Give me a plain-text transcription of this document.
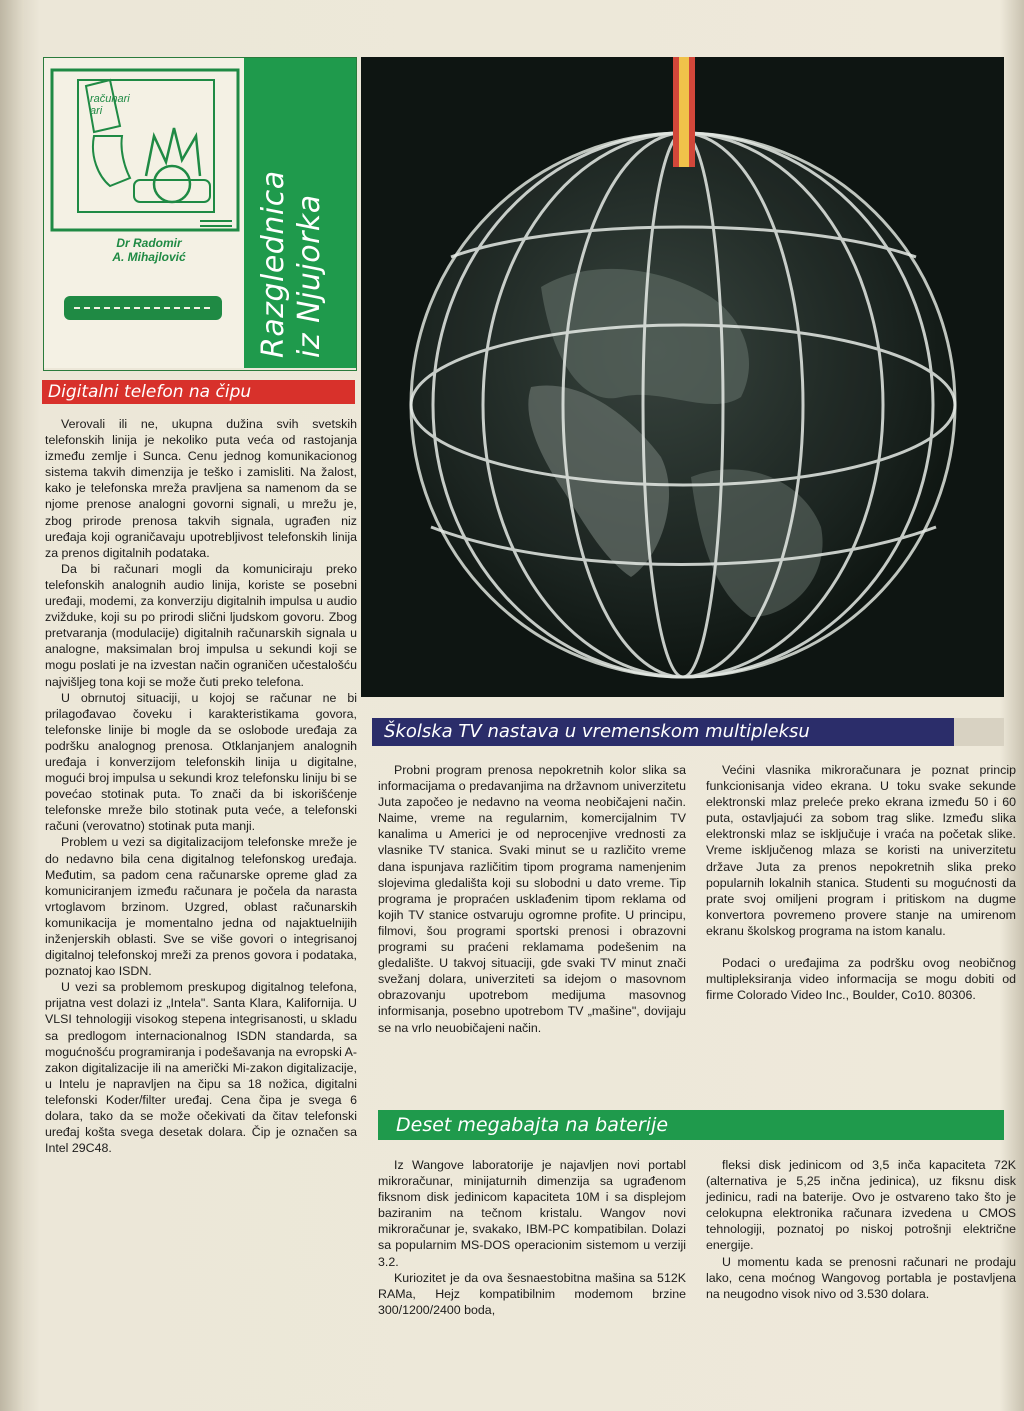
računari
ari
Dr Radomir
A. Mihajlović	Razglednica iz Njujorka
Digitalni telefon na čipu

Verovali ili ne, ukupna dužina svih svetskih telefonskih linija je nekoliko puta veća od rastojanja između zemlje i Sunca. Cenu jednog komunikacionog sistema takvih dimenzija je teško i zamisliti. Na žalost, kako je telefonska mreža pravljena sa namenom da se njome prenose analogni govorni signali, u mrežu je, zbog prirode prenosa takvih signala, ugrađen niz uređaja koji ograničavaju upotrebljivost telefonskih linija za prenos digitalnih podataka.

Da bi računari mogli da komuniciraju preko telefonskih analognih audio linija, koriste se posebni uređaji, modemi, za konverziju digitalnih impulsa u audio zvižduke, koji su po prirodi slični ljudskom govoru. Zbog pretvaranja (modulacije) digitalnih računarskih signala u analogne, maksimalan broj impulsa u sekundi koji se mogu poslati je na izvestan način ograničen učestalošću najvišljeg tona koji se može čuti preko telefona.

U obrnutoj situaciji, u kojoj se računar ne bi prilagođavao čoveku i karakteristikama govora, telefonske linije bi mogle da se oslobode uređaja za podršku analognog prenosa. Otklanjanjem analognih uređaja i konverzijom telefonskih linija u digitalne, mogući broj impulsa u sekundi kroz telefonsku liniju bi se povećao stotinak puta. To znači da bi iskorišćenje telefonske mreže bilo stotinak puta veće, a telefonski računi (verovatno) stotinak puta manji.

Problem u vezi sa digitalizacijom telefonske mreže je do nedavno bila cena digitalnog telefonskog uređaja. Međutim, sa padom cena računarske opreme glad za komuniciranjem između računara je počela da narasta vrtoglavom brzinom. Uzgred, oblast računarskih komunikacija je momentalno jedna od najaktuelnijih inženjerskih oblasti. Sve se više govori o integrisanoj digitalnoj telefonskoj mreži za prenos govora i podataka, poznatoj kao ISDN.

U vezi sa problemom preskupog digitalnog telefona, prijatna vest dolazi iz „Intela". Santa Klara, Kalifornija. U VLSI tehnologiji visokog stepena integrisanosti, u skladu sa predlogom internacionalnog ISDN standarda, sa mogućnošću programiranja i podešavanja na evropski A-zakon digitalizacije ili na američki Mi-zakon digitalizacije, u Intelu je napravljen na čipu sa 18 nožica, digitalni telefonski Koder/filter uređaj. Cena čipa je svega 6 dolara, tako da se može očekivati da čitav telefonski uređaj košta svega desetak dolara. Čip je označen sa Intel 29C48.

Školska TV nastava u vremenskom multipleksu

Probni program prenosa nepokretnih kolor slika sa informacijama o predavanjima na državnom univerzitetu Juta započeo je nedavno na veoma neobičajeni način. Naime, vreme na regularnim, komercijalnim TV kanalima u Americi je od neprocenjive vrednosti za vlasnike TV stanica. Svaki minut se u različito vreme dana ispunjava različitim tipom programa namenjenim slojevima gledališta koji su slobodni u dato vreme. Tip programa je propraćen usklađenim tipom reklama od kojih TV stanice ostvaruju ogromne profite. U principu, filmovi, šou programi sportski prenosi i obrazovni programi su praćeni reklamama podešenim na gledalište. U takvoj situaciji, gde svaki TV minut znači svežanj dolara, univerziteti sa idejom o masovnom obrazovanju upotrebom medijuma masovnog informisanja, posebno upotrebom TV „mašine", dovijaju se na vrlo neuobičajeni način.

Većini vlasnika mikroračunara je poznat princip funkcionisanja video ekrana. U toku svake sekunde elektronski mlaz preleće preko ekrana između 50 i 60 puta, ostavljajući za sobom trag slike. Između slika elektronski mlaz se isključuje i vraća na početak slike. Vreme isključenog mlaza se koristi na univerzitetu države Juta za prenos nepokretnih slika preko popularnih lokalnih stanica. Studenti su mogućnosti da prate svoj omiljeni program i pritiskom na dugme konvertora povremeno provere stanje na umirenom ekranu školskog programa na istom kanalu.

Podaci o uređajima za podršku ovog neobičnog multipleksiranja video informacija se mogu dobiti od firme Colorado Video Inc., Boulder, Co10. 80306.

Deset megabajta na baterije

Iz Wangove laboratorije je najavljen novi portabl mikroračunar, minijaturnih dimenzija sa ugrađenom fiksnom disk jedinicom kapaciteta 10M i sa displejom baziranim na tečnom kristalu. Wangov novi mikroračunar je, svakako, IBM-PC kompatibilan. Dolazi sa popularnim MS-DOS operacionim sistemom u verziji 3.2.

Kuriozitet je da ova šesnaestobitna mašina sa 512K RAMa, Hejz kompatibilnim modemom brzine 300/1200/2400 boda,

fleksi disk jedinicom od 3,5 inča kapaciteta 72K (alternativa je 5,25 inčna jedinica), uz fiksnu disk jedinicu, radi na baterije. Ovo je ostvareno tako što je celokupna elektronika računara izvedena u CMOS tehnologiji, poznatoj po niskoj potrošnji električne energije.

U momentu kada se prenosni računari ne prodaju lako, cena moćnog Wangovog portabla je postavljena na neugodno visok nivo od 3.530 dolara.
